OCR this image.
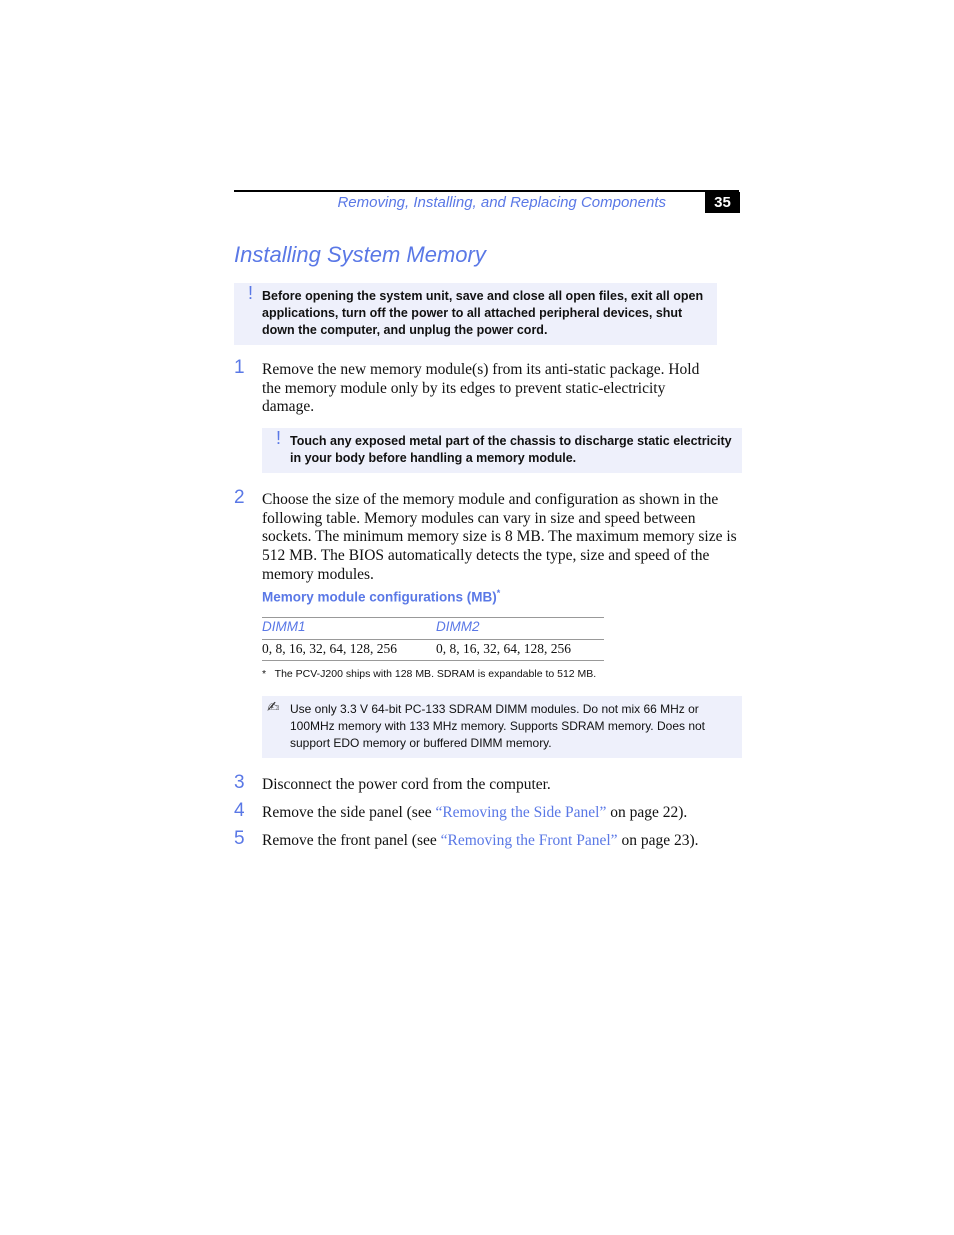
Removing, Installing, and Replacing Components	35
Installing System Memory
! Before opening the system unit, save and close all open files, exit all open applications, turn off the power to all attached peripheral devices, shut down the computer, and unplug the power cord.
1 Remove the new memory module(s) from its anti-static package. Hold the memory module only by its edges to prevent static-electricity damage.
! Touch any exposed metal part of the chassis to discharge static electricity in your body before handling a memory module.
2 Choose the size of the memory module and configuration as shown in the following table. Memory modules can vary in size and speed between sockets. The minimum memory size is 8 MB. The maximum memory size is 512 MB. The BIOS automatically detects the type, size and speed of the memory modules.
Memory module configurations (MB)*
DIMM1	DIMM2
0, 8, 16, 32, 64, 128, 256	0, 8, 16, 32, 64, 128, 256
* The PCV-J200 ships with 128 MB. SDRAM is expandable to 512 MB.
✍ Use only 3.3 V 64-bit PC-133 SDRAM DIMM modules. Do not mix 66 MHz or 100MHz memory with 133 MHz memory. Supports SDRAM memory. Does not support EDO memory or buffered DIMM memory.
3 Disconnect the power cord from the computer.
4 Remove the side panel (see “Removing the Side Panel” on page 22).
5 Remove the front panel (see “Removing the Front Panel” on page 23).
